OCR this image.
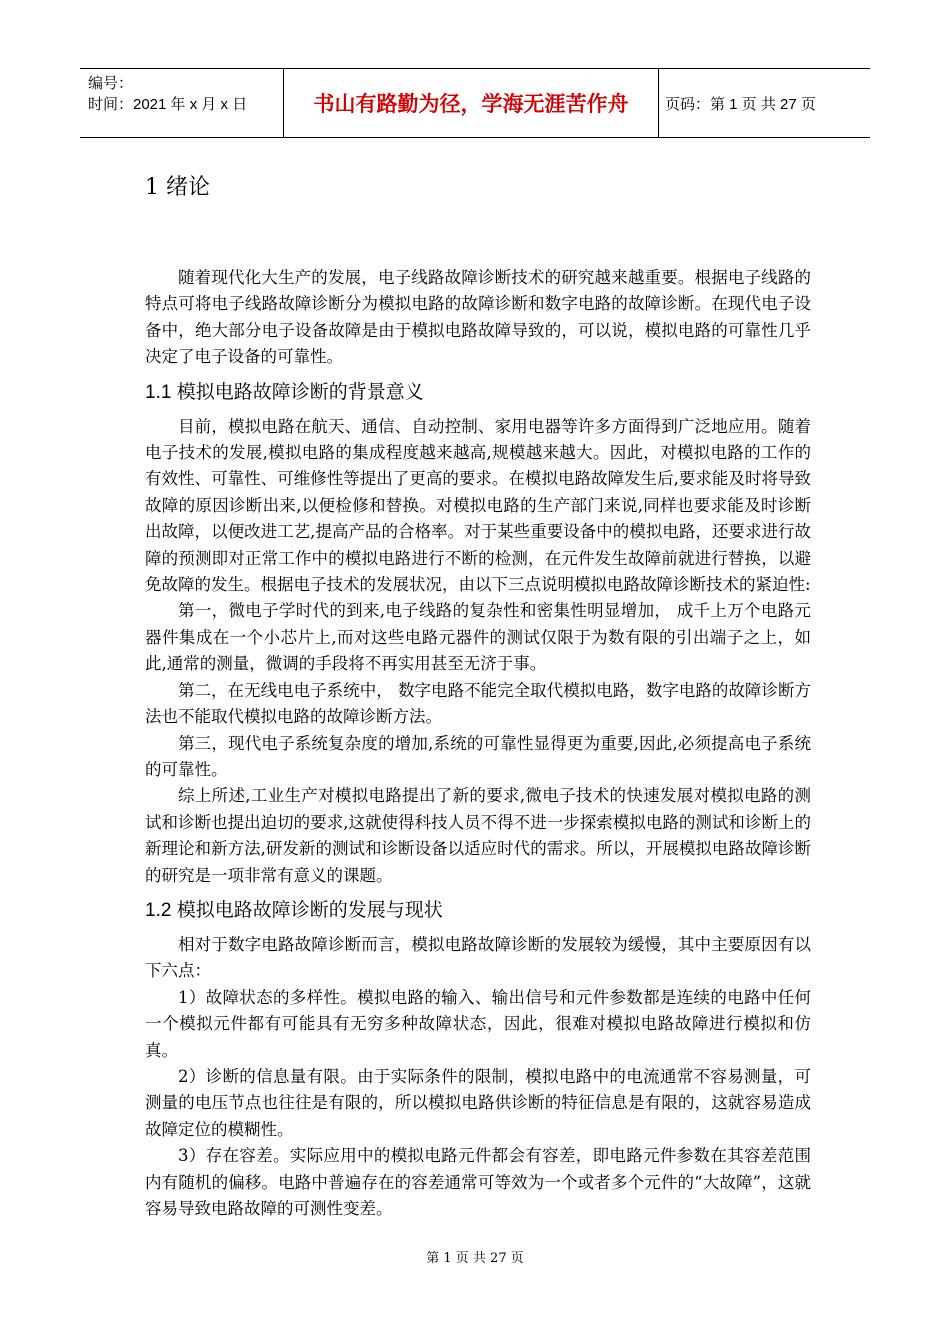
编号：
时间：2021 年 x 月 x 日	书山有路勤为径，学海无涯苦作舟	页码：第 1 页 共 27 页
1 绪论

随着现代化大生产的发展，电子线路故障诊断技术的研究越来越重要。根据电子线路的特点可将电子线路故障诊断分为模拟电路的故障诊断和数字电路的故障诊断。在现代电子设备中，绝大部分电子设备故障是由于模拟电路故障导致的，可以说，模拟电路的可靠性几乎决定了电子设备的可靠性。

1.1 模拟电路故障诊断的背景意义

目前，模拟电路在航天、通信、自动控制、家用电器等许多方面得到广泛地应用。随着电子技术的发展,模拟电路的集成程度越来越高,规模越来越大。因此，对模拟电路的工作的有效性、可靠性、可维修性等提出了更高的要求。在模拟电路故障发生后,要求能及时将导致故障的原因诊断出来,以便检修和替换。对模拟电路的生产部门来说,同样也要求能及时诊断出故障，以便改进工艺,提高产品的合格率。对于某些重要设备中的模拟电路，还要求进行故障的预测即对正常工作中的模拟电路进行不断的检测，在元件发生故障前就进行替换，以避免故障的发生。根据电子技术的发展状况，由以下三点说明模拟电路故障诊断技术的紧迫性:

第一，微电子学时代的到来,电子线路的复杂性和密集性明显增加， 成千上万个电路元器件集成在一个小芯片上,而对这些电路元器件的测试仅限于为数有限的引出端子之上，如此,通常的测量，微调的手段将不再实用甚至无济于事。

第二，在无线电电子系统中， 数字电路不能完全取代模拟电路，数字电路的故障诊断方法也不能取代模拟电路的故障诊断方法。

第三，现代电子系统复杂度的增加,系统的可靠性显得更为重要,因此,必须提高电子系统的可靠性。

综上所述,工业生产对模拟电路提出了新的要求,微电子技术的快速发展对模拟电路的测试和诊断也提出迫切的要求,这就使得科技人员不得不进一步探索模拟电路的测试和诊断上的新理论和新方法,研发新的测试和诊断设备以适应时代的需求。所以，开展模拟电路故障诊断的研究是一项非常有意义的课题。

1.2 模拟电路故障诊断的发展与现状

相对于数字电路故障诊断而言，模拟电路故障诊断的发展较为缓慢，其中主要原因有以下六点：

1）故障状态的多样性。模拟电路的输入、输出信号和元件参数都是连续的电路中任何一个模拟元件都有可能具有无穷多种故障状态，因此，很难对模拟电路故障进行模拟和仿真。

2）诊断的信息量有限。由于实际条件的限制，模拟电路中的电流通常不容易测量，可测量的电压节点也往往是有限的，所以模拟电路供诊断的特征信息是有限的，这就容易造成故障定位的模糊性。

3）存在容差。实际应用中的模拟电路元件都会有容差，即电路元件参数在其容差范围内有随机的偏移。电路中普遍存在的容差通常可等效为一个或者多个元件的“大故障”，这就容易导致电路故障的可测性变差。

第 1 页 共 27 页
